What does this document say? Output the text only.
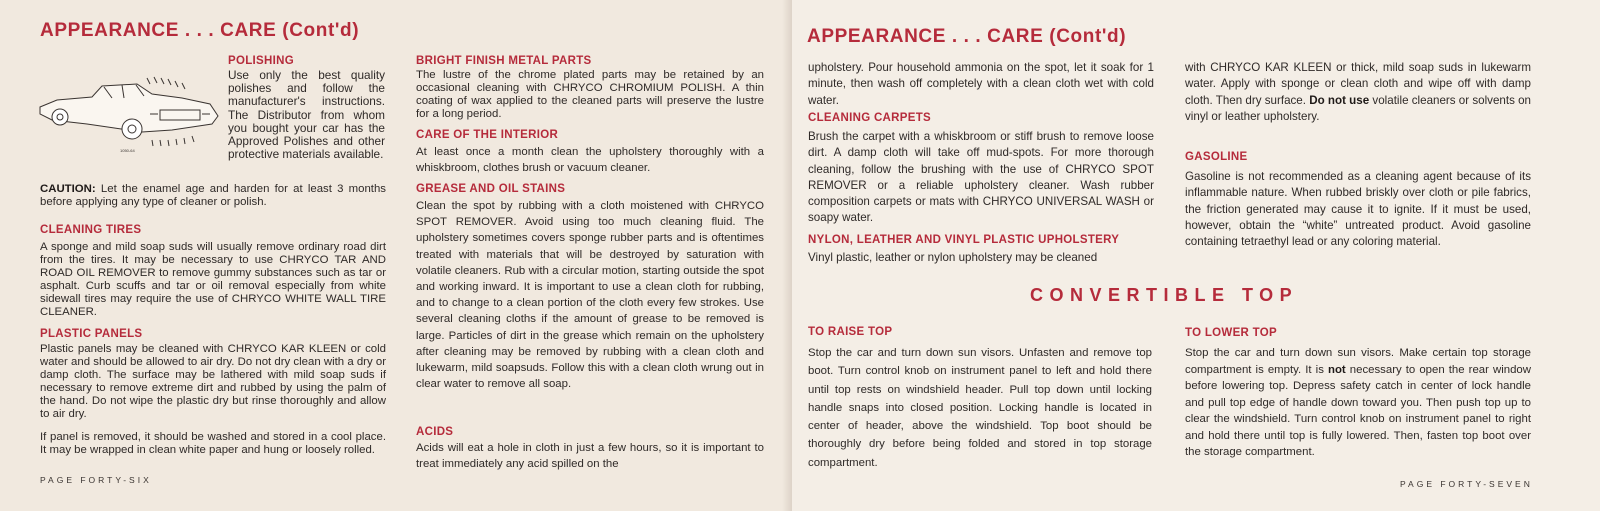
APPEARANCE . . . CARE (Cont'd)
1050-64
POLISHING

Use only the best quality polishes and follow the manufacturer's instructions. The Distributor from whom you bought your car has the Approved Polishes and other protective materials available.

CAUTION: Let the enamel age and harden for at least 3 months before applying any type of cleaner or polish.

CLEANING TIRES

A sponge and mild soap suds will usually remove ordinary road dirt from the tires. It may be necessary to use CHRYCO TAR AND ROAD OIL REMOVER to remove gummy substances such as tar or asphalt. Curb scuffs and tar or oil removal especially from white sidewall tires may require the use of CHRYCO WHITE WALL TIRE CLEANER.

PLASTIC PANELS

Plastic panels may be cleaned with CHRYCO KAR KLEEN or cold water and should be allowed to air dry. Do not dry clean with a dry or damp cloth. The surface may be lathered with mild soap suds if necessary to remove extreme dirt and rubbed by using the palm of the hand. Do not wipe the plastic dry but rinse thoroughly and allow to air dry.

If panel is removed, it should be washed and stored in a cool place. It may be wrapped in clean white paper and hung or loosely rolled.

PAGE FORTY-SIX
BRIGHT FINISH METAL PARTS

The lustre of the chrome plated parts may be retained by an occasional cleaning with CHRYCO CHROMIUM POLISH. A thin coating of wax applied to the cleaned parts will preserve the lustre for a long period.

CARE OF THE INTERIOR

At least once a month clean the upholstery thoroughly with a whiskbroom, clothes brush or vacuum cleaner.

GREASE AND OIL STAINS

Clean the spot by rubbing with a cloth moistened with CHRYCO SPOT REMOVER. Avoid using too much cleaning fluid. The upholstery sometimes covers sponge rubber parts and is oftentimes treated with materials that will be destroyed by saturation with volatile cleaners. Rub with a circular motion, starting outside the spot and working inward. It is important to use a clean cloth for rubbing, and to change to a clean portion of the cloth every few strokes. Use several cleaning cloths if the amount of grease to be removed is large. Particles of dirt in the grease which remain on the upholstery after cleaning may be removed by rubbing with a clean cloth and lukewarm, mild soapsuds. Follow this with a clean cloth wrung out in clear water to remove all soap.

ACIDS

Acids will eat a hole in cloth in just a few hours, so it is important to treat immediately any acid spilled on the

APPEARANCE . . . CARE (Cont'd)

upholstery. Pour household ammonia on the spot, let it soak for 1 minute, then wash off completely with a clean cloth wet with cold water.

CLEANING CARPETS

Brush the carpet with a whiskbroom or stiff brush to remove loose dirt. A damp cloth will take off mud-spots. For more thorough cleaning, follow the brushing with the use of CHRYCO SPOT REMOVER or a reliable upholstery cleaner. Wash rubber composition carpets or mats with CHRYCO UNIVERSAL WASH or soapy water.

NYLON, LEATHER AND VINYL PLASTIC UPHOLSTERY

Vinyl plastic, leather or nylon upholstery may be cleaned

with CHRYCO KAR KLEEN or thick, mild soap suds in lukewarm water. Apply with sponge or clean cloth and wipe off with damp cloth. Then dry surface. Do not use volatile cleaners or solvents on vinyl or leather upholstery.

GASOLINE

Gasoline is not recommended as a cleaning agent because of its inflammable nature. When rubbed briskly over cloth or pile fabrics, the friction generated may cause it to ignite. If it must be used, however, obtain the “white” untreated product. Avoid gasoline containing tetraethyl lead or any coloring material.

PAGE FORTY-SEVEN
CONVERTIBLE TOP
TO RAISE TOP

Stop the car and turn down sun visors. Unfasten and remove top boot. Turn control knob on instrument panel to left and hold there until top rests on windshield header. Pull top down until locking handle snaps into closed position. Locking handle is located in center of header, above the windshield. Top boot should be thoroughly dry before being folded and stored in top storage compartment.

TO LOWER TOP

Stop the car and turn down sun visors. Make certain top storage compartment is empty. It is not necessary to open the rear window before lowering top. Depress safety catch in center of lock handle and pull top edge of handle down toward you. Then push top up to clear the windshield. Turn control knob on instrument panel to right and hold there until top is fully lowered. Then, fasten top boot over the storage compartment.
